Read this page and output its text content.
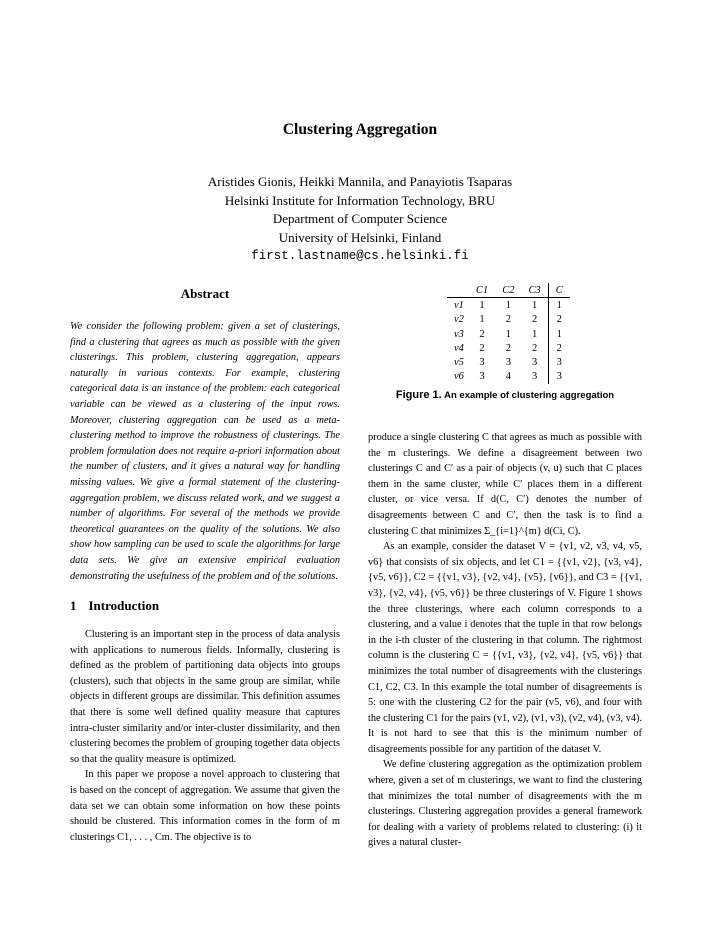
Clustering Aggregation
Aristides Gionis, Heikki Mannila, and Panayiotis Tsaparas
Helsinki Institute for Information Technology, BRU
Department of Computer Science
University of Helsinki, Finland
first.lastname@cs.helsinki.fi
Abstract
We consider the following problem: given a set of clusterings, find a clustering that agrees as much as possible with the given clusterings. This problem, clustering aggregation, appears naturally in various contexts. For example, clustering categorical data is an instance of the problem: each categorical variable can be viewed as a clustering of the input rows. Moreover, clustering aggregation can be used as a meta-clustering method to improve the robustness of clusterings. The problem formulation does not require a-priori information about the number of clusters, and it gives a natural way for handling missing values. We give a formal statement of the clustering-aggregation problem, we discuss related work, and we suggest a number of algorithms. For several of the methods we provide theoretical guarantees on the quality of the solutions. We also show how sampling can be used to scale the algorithms for large data sets. We give an extensive empirical evaluation demonstrating the usefulness of the problem and of the solutions.
1 Introduction

Clustering is an important step in the process of data analysis with applications to numerous fields. Informally, clustering is defined as the problem of partitioning data objects into groups (clusters), such that objects in the same group are similar, while objects in different groups are dissimilar. This definition assumes that there is some well defined quality measure that captures intra-cluster similarity and/or inter-cluster dissimilarity, and then clustering becomes the problem of grouping together data objects so that the quality measure is optimized.

In this paper we propose a novel approach to clustering that is based on the concept of aggregation. We assume that given the data set we can obtain some information on how these points should be clustered. This information comes in the form of m clusterings C1, . . . , Cm. The objective is to

	C1	C2	C3	C
v1	1	1	1	1
v2	1	2	2	2
v3	2	1	1	1
v4	2	2	2	2
v5	3	3	3	3
v6	3	4	3	3
Figure 1. An example of clustering aggregation

produce a single clustering C that agrees as much as possible with the m clusterings. We define a disagreement between two clusterings C and C′ as a pair of objects (v, u) such that C places them in the same cluster, while C′ places them in a different cluster, or vice versa. If d(C, C′) denotes the number of disagreements between C and C′, then the task is to find a clustering C that minimizes Σ_{i=1}^{m} d(Ci, C).

As an example, consider the dataset V = {v1, v2, v3, v4, v5, v6} that consists of six objects, and let C1 = {{v1, v2}, {v3, v4}, {v5, v6}}, C2 = {{v1, v3}, {v2, v4}, {v5}, {v6}}, and C3 = {{v1, v3}, {v2, v4}, {v5, v6}} be three clusterings of V. Figure 1 shows the three clusterings, where each column corresponds to a clustering, and a value i denotes that the tuple in that row belongs in the i-th cluster of the clustering in that column. The rightmost column is the clustering C = {{v1, v3}, {v2, v4}, {v5, v6}} that minimizes the total number of disagreements with the clusterings C1, C2, C3. In this example the total number of disagreements is 5: one with the clustering C2 for the pair (v5, v6), and four with the clustering C1 for the pairs (v1, v2), (v1, v3), (v2, v4), (v3, v4). It is not hard to see that this is the minimum number of disagreements possible for any partition of the dataset V.

We define clustering aggregation as the optimization problem where, given a set of m clusterings, we want to find the clustering that minimizes the total number of disagreements with the m clusterings. Clustering aggregation provides a general framework for dealing with a variety of problems related to clustering: (i) it gives a natural cluster-
